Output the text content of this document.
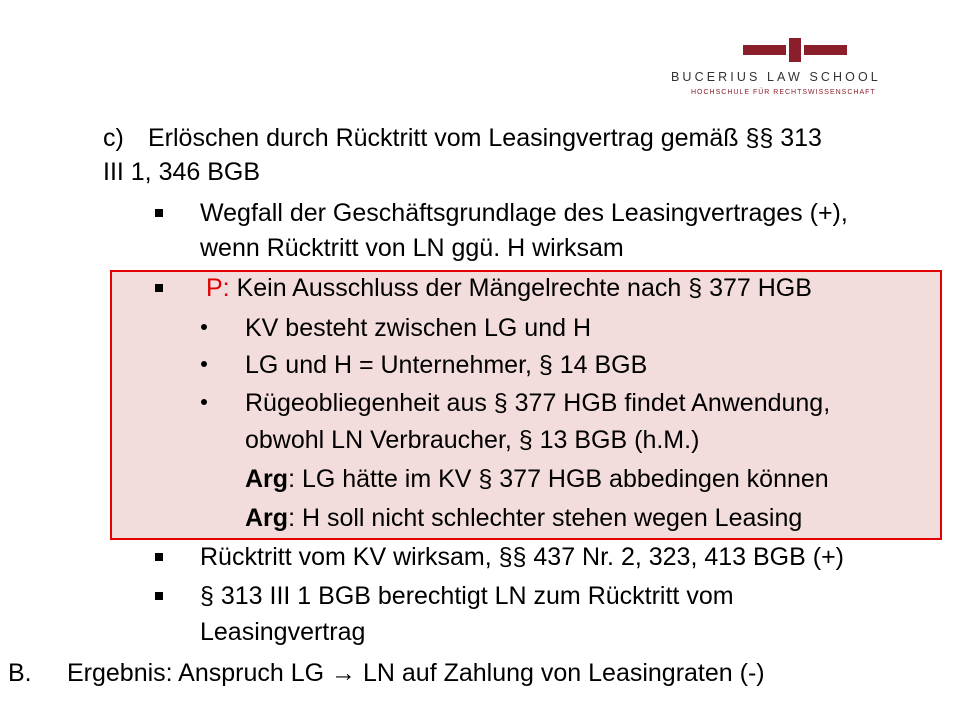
BUCERIUS LAW SCHOOL
HOCHSCHULE FÜR RECHTSWISSENSCHAFT
c) Erlöschen durch Rücktritt vom Leasingvertrag gemäß §§ 313
III 1, 346 BGB
Wegfall der Geschäftsgrundlage des Leasingvertrages (+),
wenn Rücktritt von LN ggü. H wirksam
P: Kein Ausschluss der Mängelrechte nach § 377 HGB
KV besteht zwischen LG und H
LG und H = Unternehmer, § 14 BGB
Rügeobliegenheit aus § 377 HGB findet Anwendung,
obwohl LN Verbraucher, § 13 BGB (h.M.)
Arg: LG hätte im KV § 377 HGB abbedingen können
Arg: H soll nicht schlechter stehen wegen Leasing
Rücktritt vom KV wirksam, §§ 437 Nr. 2, 323, 413 BGB (+)
§ 313 III 1 BGB berechtigt LN zum Rücktritt vom
Leasingvertrag
B. Ergebnis: Anspruch LG → LN auf Zahlung von Leasingraten (-)
